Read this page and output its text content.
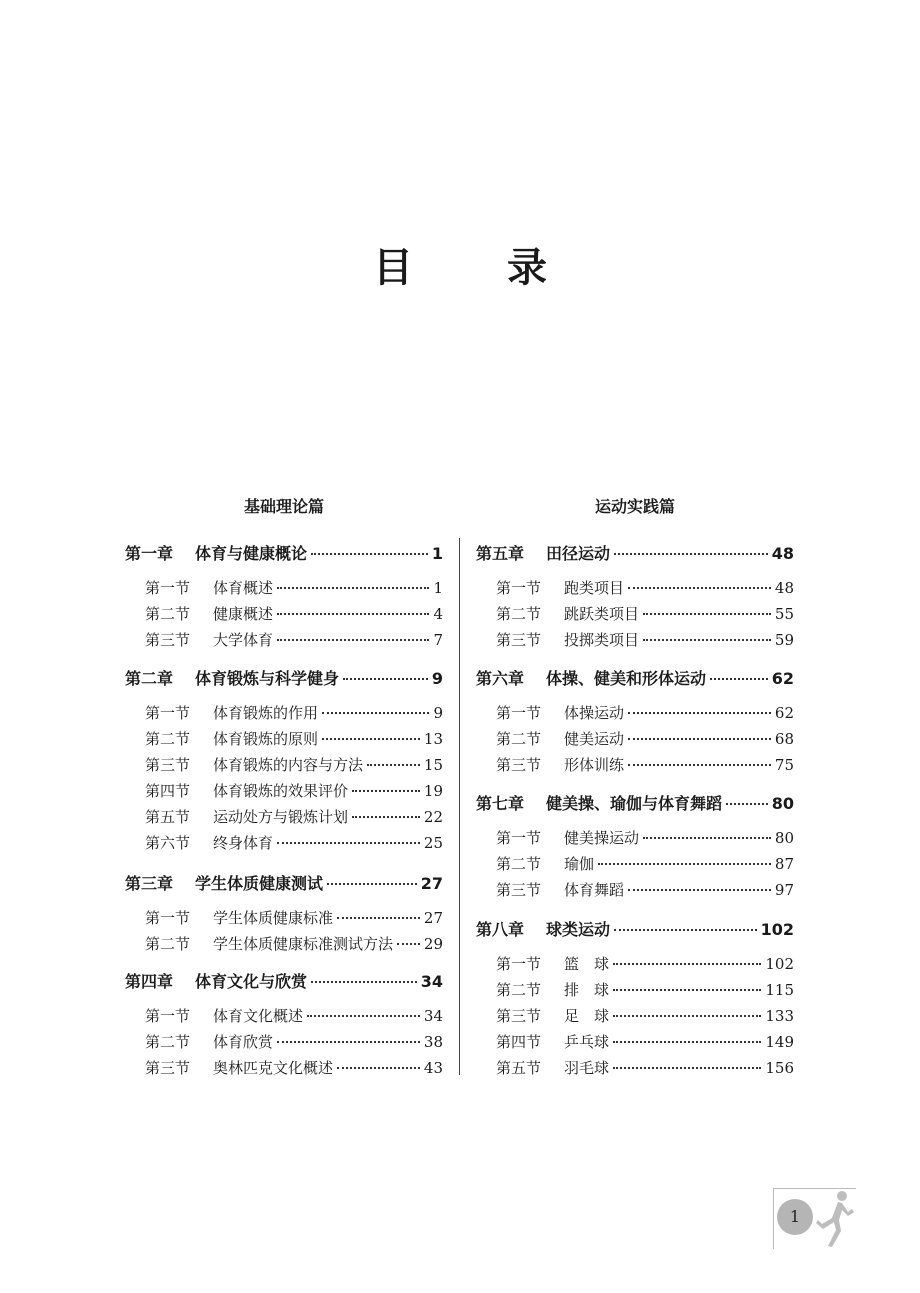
目 录
基础理论篇	运动实践篇
1
第一章	体育与健康概论	1
第一节	体育概述	1
第二节	健康概述	4
第三节	大学体育	7
第二章	体育锻炼与科学健身	9
第一节	体育锻炼的作用	9
第二节	体育锻炼的原则	13
第三节	体育锻炼的内容与方法	15
第四节	体育锻炼的效果评价	19
第五节	运动处方与锻炼计划	22
第六节	终身体育	25
第三章	学生体质健康测试	27
第一节	学生体质健康标准	27
第二节	学生体质健康标准测试方法 29
第四章	体育文化与欣赏	34
第一节	体育文化概述	34
第二节	体育欣赏	38
第三节	奥林匹克文化概述	43
第五章	田径运动	48
第一节	跑类项目	48
第二节	跳跃类项目	55
第三节	投掷类项目	59
第六章	体操、健美和形体运动	62
第一节	体操运动	62
第二节	健美运动	68
第三节	形体训练	75
第七章	健美操、瑜伽与体育舞蹈	80
第一节	健美操运动	80
第二节	瑜伽	87
第三节	体育舞蹈	97
第八章	球类运动	102
第一节	篮　球	102
第二节	排　球	115
第三节	足　球	133
第四节	乒乓球	149
第五节	羽毛球	156
